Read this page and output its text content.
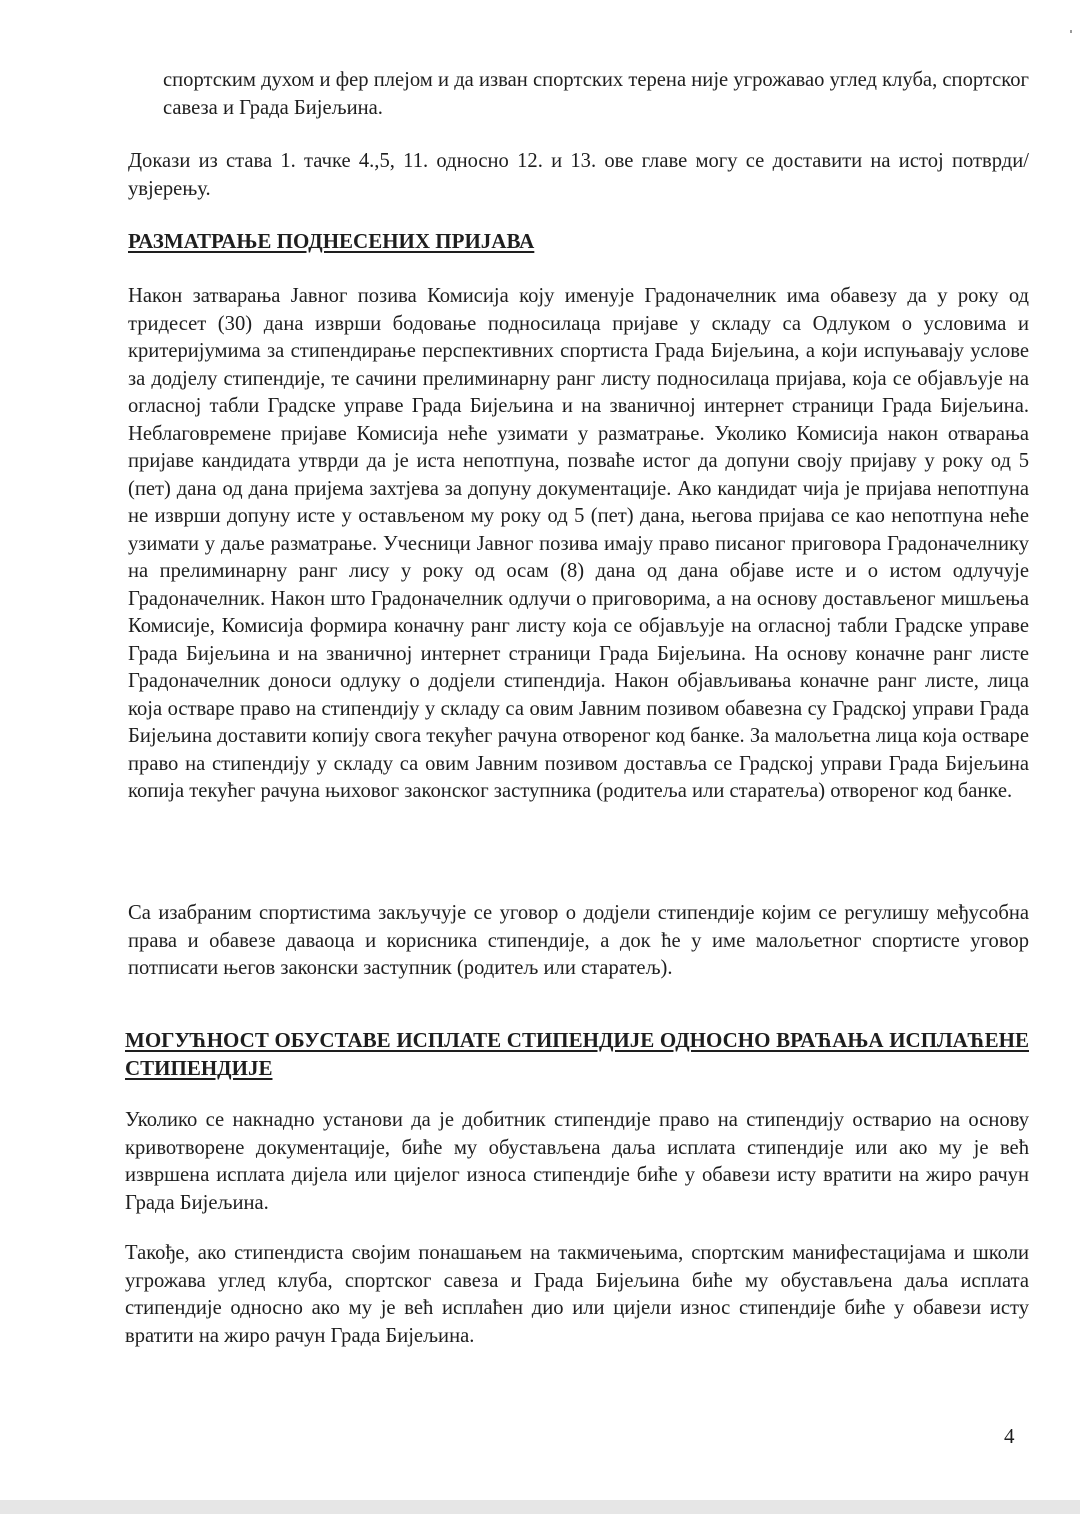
спортским духом и фер плејом и да изван спортских терена није угрожавао углед клуба, спортског савеза и Града Бијељина.

Докази из става 1. тачке 4.,5, 11. односно 12. и 13. ове главе могу се доставити на истој потврди/увјерењу.

РАЗМАТРАЊЕ ПОДНЕСЕНИХ ПРИЈАВА

Након затварања Јавног позива Комисија коју именује Градоначелник има обавезу да у року од тридесет (30) дана изврши бодовање подносилаца пријаве у складу са Одлуком о условима и критеријумима за стипендирање перспективних спортиста Града Бијељина, а који испуњавају услове за додјелу стипендије, те сачини прелиминарну ранг листу подносилаца пријава, која се објављује на огласној табли Градске управе Града Бијељина и на званичној интернет страници Града Бијељина. Неблаговремене пријаве Комисија неће узимати у разматрање. Уколико Комисија након отварања пријаве кандидата утврди да је иста непотпуна, позваће истог да допуни своју пријаву у року од 5 (пет) дана од дана пријема захтјева за допуну документације. Ако кандидат чија је пријава непотпуна не изврши допуну исте у остављеном му року од 5 (пет) дана, његова пријава се као непотпуна неће узимати у даље разматрање. Учесници Јавног позива имају право писаног приговора Градоначелнику на прелиминарну ранг лису у року од осам (8) дана од дана објаве исте и о истом одлучује Градоначелник. Након што Градоначелник одлучи о приговорима, а на основу достављеног мишљења Комисије, Комисија формира коначну ранг листу која се објављује на огласној табли Градске управе Града Бијељина и на званичној интернет страници Града Бијељина. На основу коначне ранг листе Градоначелник доноси одлуку о додјели стипендија. Након објављивања коначне ранг листе, лица која остваре право на стипендију у складу са овим Јавним позивом обавезна су Градској управи Града Бијељина доставити копију свога текућег рачуна отвореног код банке. За малољетна лица која остваре право на стипендију у складу са овим Јавним позивом доставља се Градској управи Града Бијељина копија текућег рачуна њиховог законског заступника (родитеља или старатеља) отвореног код банке.

Са изабраним спортистима закључује се уговор о додјели стипендије којим се регулишу међусобна права и обавезе даваоца и корисника стипендије, а док ће у име малољетног спортисте уговор потписати његов законски заступник (родитељ или старатељ).

МОГУЋНОСТ ОБУСТАВЕ ИСПЛАТЕ СТИПЕНДИЈЕ ОДНОСНО ВРАЋАЊА ИСПЛАЋЕНЕ СТИПЕНДИЈЕ

Уколико се накнадно установи да је добитник стипендије право на стипендију остварио на основу кривотворене документације, биће му обустављена даља исплата стипендије или ако му је већ извршена исплата дијела или цијелог износа стипендије биће у обавези исту вратити на жиро рачун Града Бијељина.

Такође, ако стипендиста својим понашањем на такмичењима, спортским манифестацијама и школи угрожава углед клуба, спортског савеза и Града Бијељина биће му обустављена даља исплата стипендије односно ако му је већ исплаћен дио или цијели износ стипендије биће у обавези исту вратити на жиро рачун Града Бијељина.

4
